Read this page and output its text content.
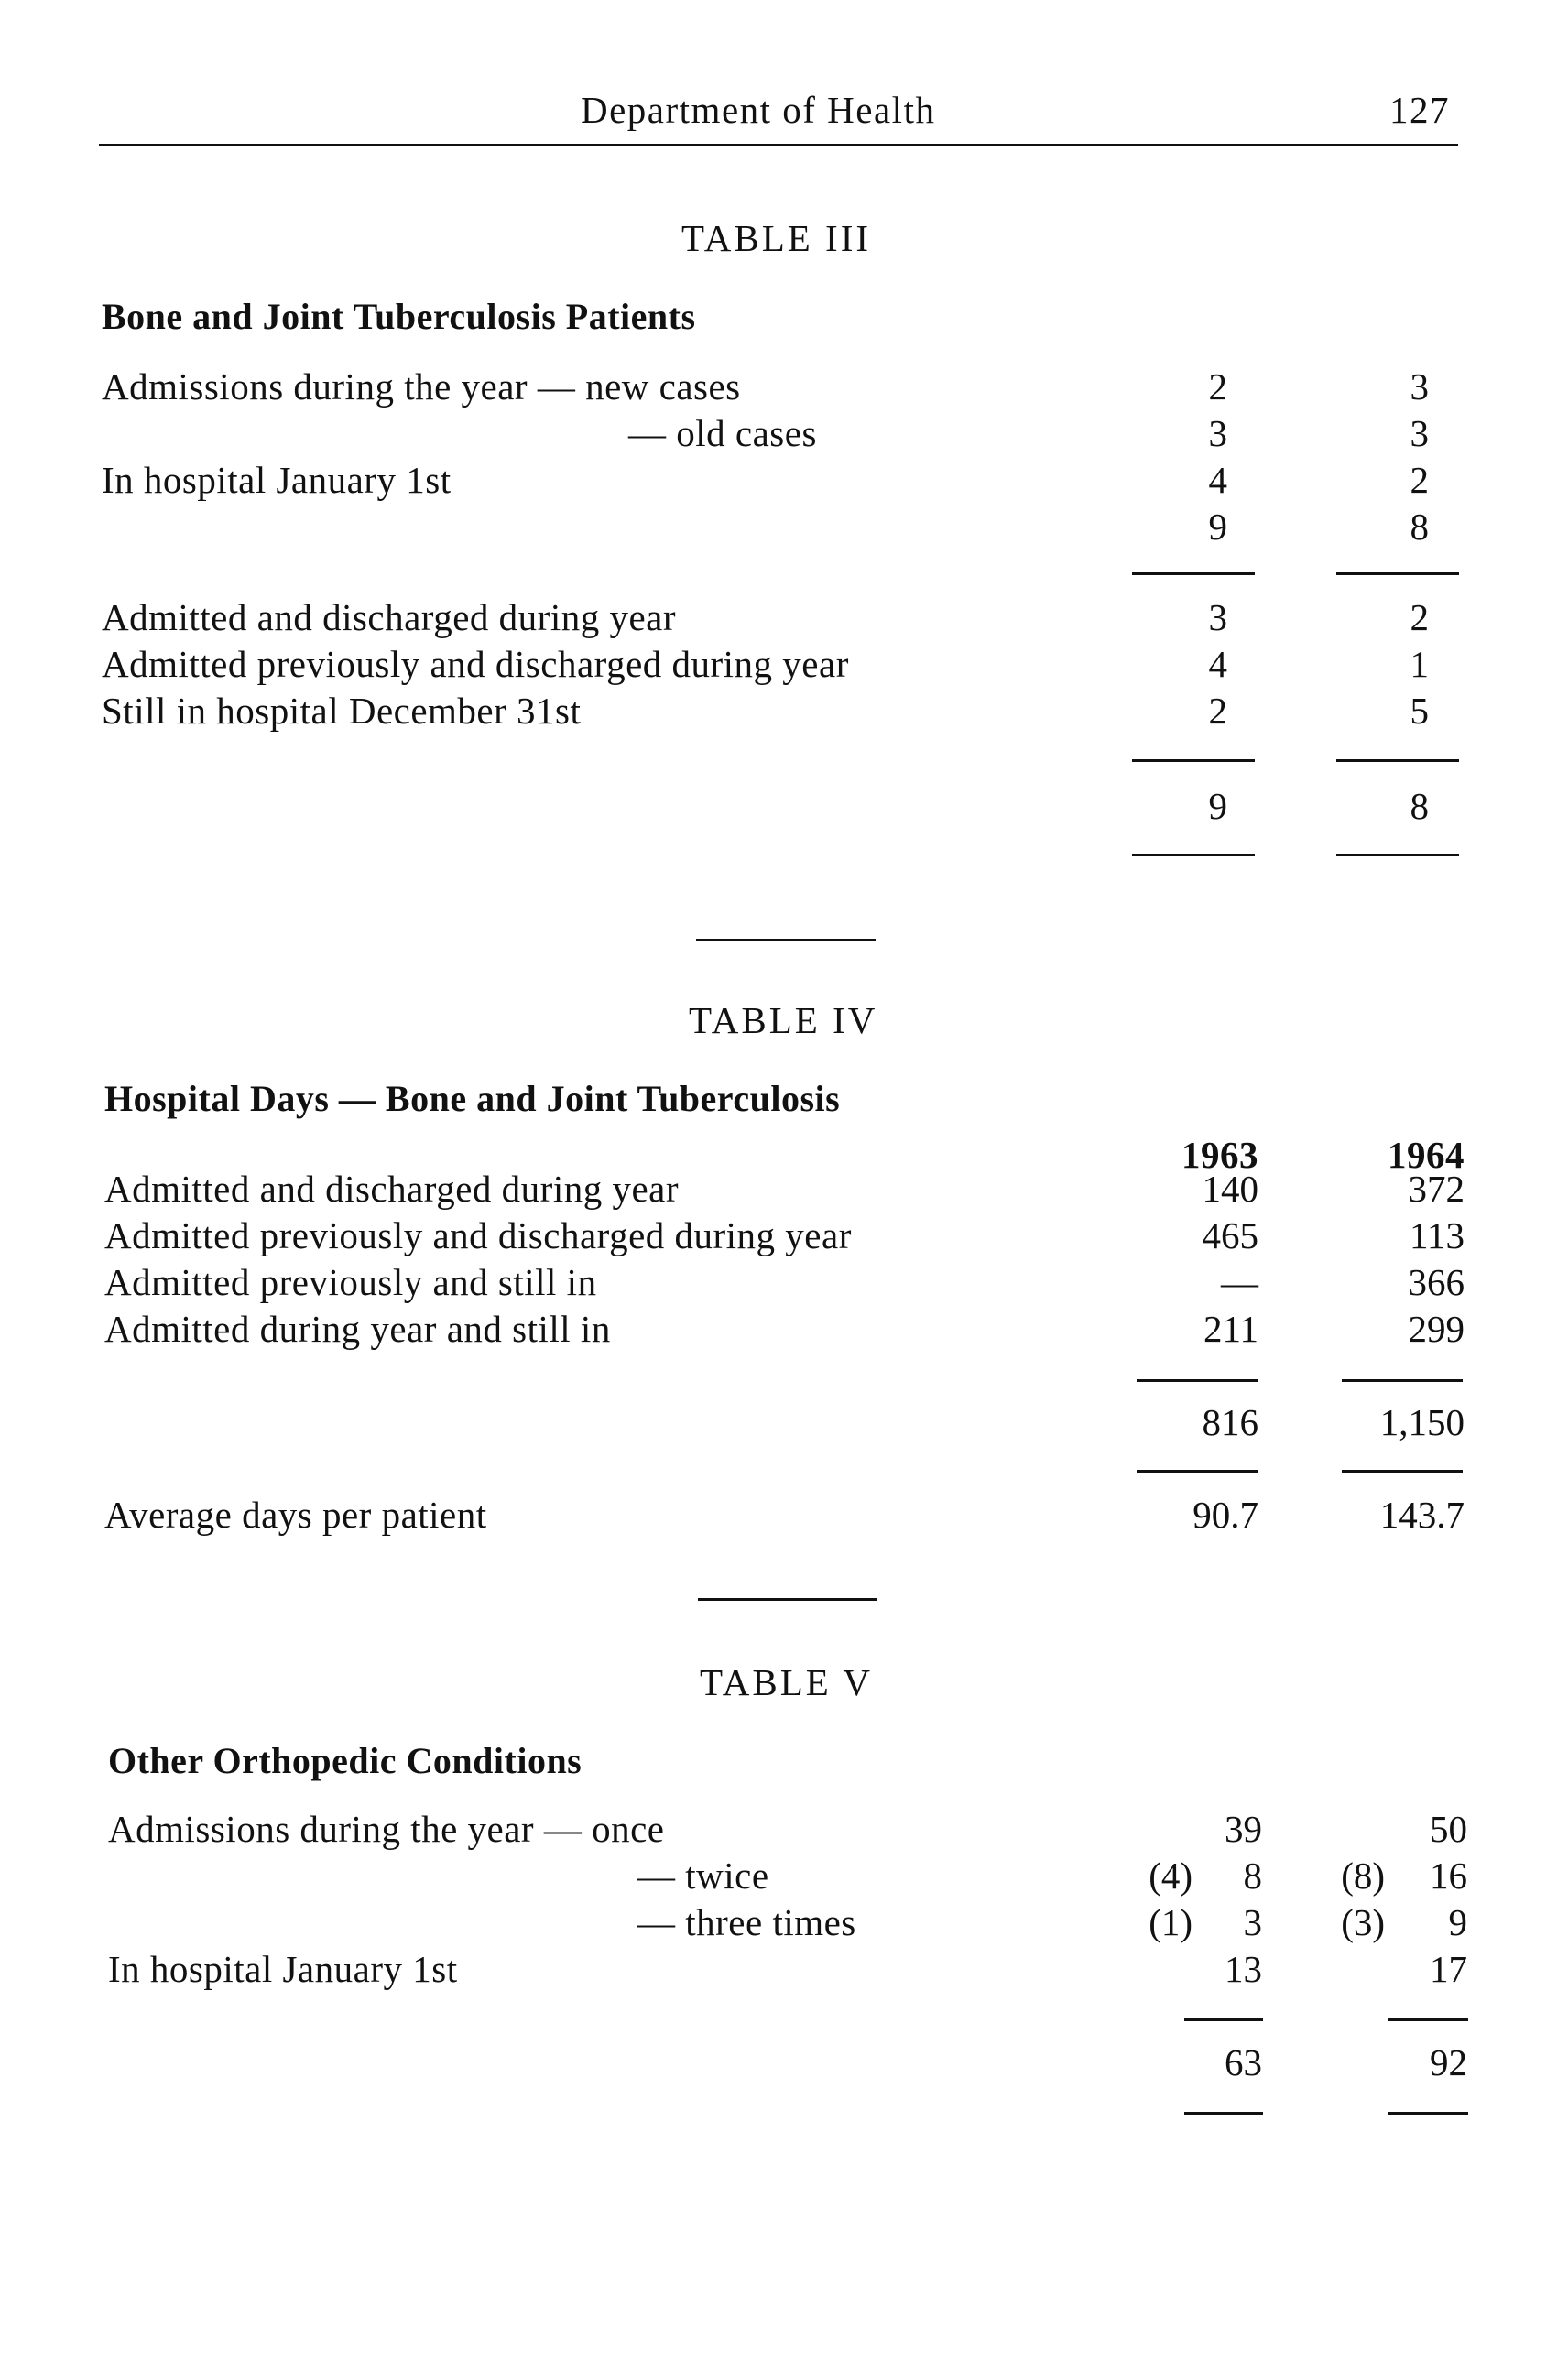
Department of Health	127
TABLE III
Bone and Joint Tuberculosis Patients
Admissions during the year — new cases	2	3
— old cases	3	3
In hospital January 1st	4	2
9	8
Admitted and discharged during year	3	2
Admitted previously and discharged during year	4	1
Still in hospital December 31st	2	5
9	8
TABLE IV
Hospital Days — Bone and Joint Tuberculosis
1963	1964
Admitted and discharged during year	140	372
Admitted previously and discharged during year	465	113
Admitted previously and still in	—	366
Admitted during year and still in	211	299
816	1,150
Average days per patient	90.7	143.7
TABLE V
Other Orthopedic Conditions
Admissions during the year — once	39	50
— twice	(4)	8	(8)	16
— three times	(1)	3	(3)	9
In hospital January 1st	13	17
63	92
